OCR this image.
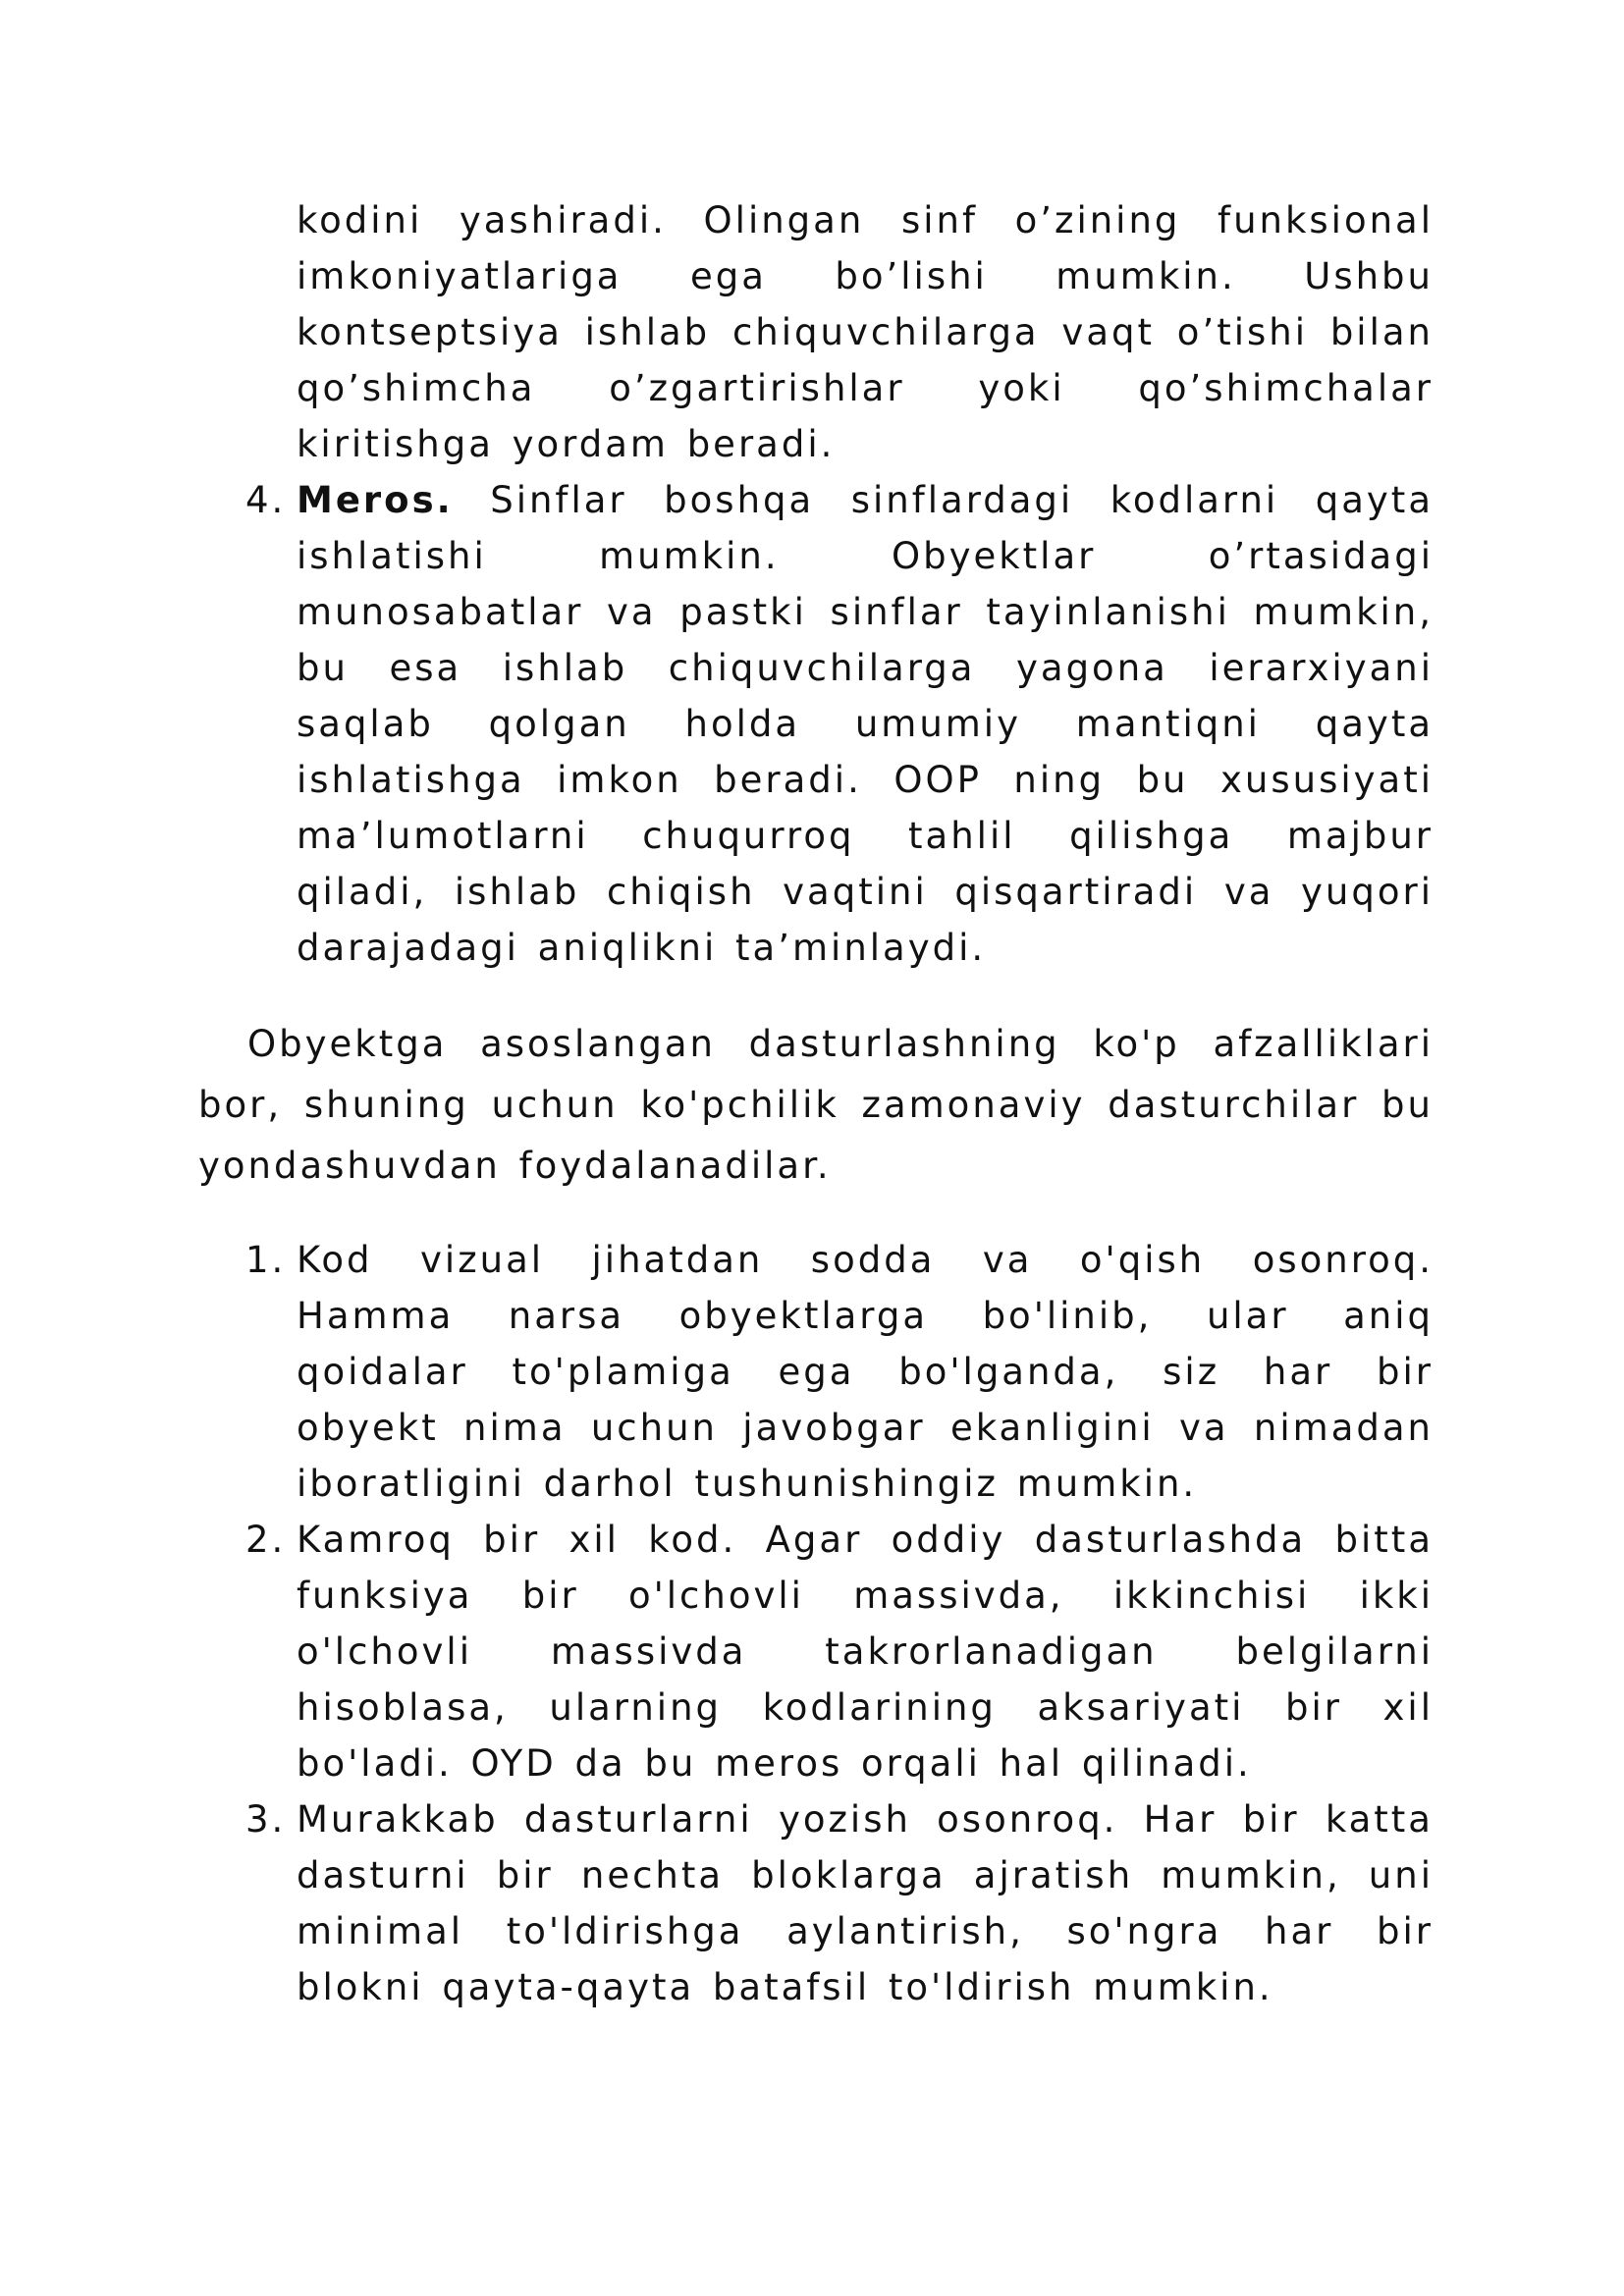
kodini yashiradi. Olingan sinf o’zining funksional imkoniyatlariga ega bo’lishi mumkin. Ushbu kontseptsiya ishlab chiquvchilarga vaqt o’tishi bilan qo’shimcha o’zgartirishlar yoki qo’shimchalar kiritishga yordam beradi.

4. Meros. Sinflar boshqa sinflardagi kodlarni qayta ishlatishi mumkin. Obyektlar o’rtasidagi munosabatlar va pastki sinflar tayinlanishi mumkin, bu esa ishlab chiquvchilarga yagona ierarxiyani saqlab qolgan holda umumiy mantiqni qayta ishlatishga imkon beradi. OOP ning bu xususiyati ma’lumotlarni chuqurroq tahlil qilishga majbur qiladi, ishlab chiqish vaqtini qisqartiradi va yuqori darajadagi aniqlikni ta’minlaydi.

Obyektga asoslangan dasturlashning ko'p afzalliklari bor, shuning uchun ko'pchilik zamonaviy dasturchilar bu yondashuvdan foydalanadilar.

1. Kod vizual jihatdan sodda va o'qish osonroq. Hamma narsa obyektlarga bo'linib, ular aniq qoidalar to'plamiga ega bo'lganda, siz har bir obyekt nima uchun javobgar ekanligini va nimadan iboratligini darhol tushunishingiz mumkin.
2. Kamroq bir xil kod. Agar oddiy dasturlashda bitta funksiya bir o'lchovli massivda, ikkinchisi ikki o'lchovli massivda takrorlanadigan belgilarni hisoblasa, ularning kodlarining aksariyati bir xil bo'ladi. OYD da bu meros orqali hal qilinadi.
3. Murakkab dasturlarni yozish osonroq. Har bir katta dasturni bir nechta bloklarga ajratish mumkin, uni minimal to'ldirishga aylantirish, so'ngra har bir blokni qayta-qayta batafsil to'ldirish mumkin.
